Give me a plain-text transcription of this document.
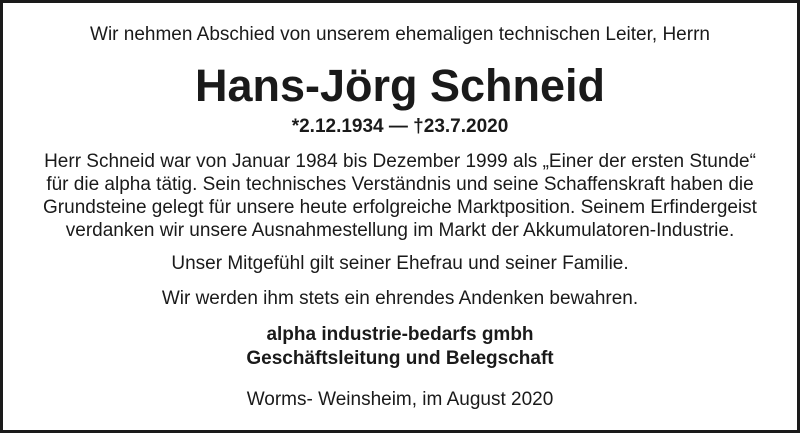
Wir nehmen Abschied von unserem ehemaligen technischen Leiter, Herrn
Hans-Jörg Schneid
*2.12.1934 — †23.7.2020
Herr Schneid war von Januar 1984 bis Dezember 1999 als „Einer der ersten Stunde“
für die alpha tätig. Sein technisches Verständnis und seine Schaffenskraft haben die
Grundsteine gelegt für unsere heute erfolgreiche Marktposition. Seinem Erfindergeist
verdanken wir unsere Ausnahmestellung im Markt der Akkumulatoren-Industrie.
Unser Mitgefühl gilt seiner Ehefrau und seiner Familie.
Wir werden ihm stets ein ehrendes Andenken bewahren.
alpha industrie-bedarfs gmbh
Geschäftsleitung und Belegschaft
Worms- Weinsheim, im August 2020
